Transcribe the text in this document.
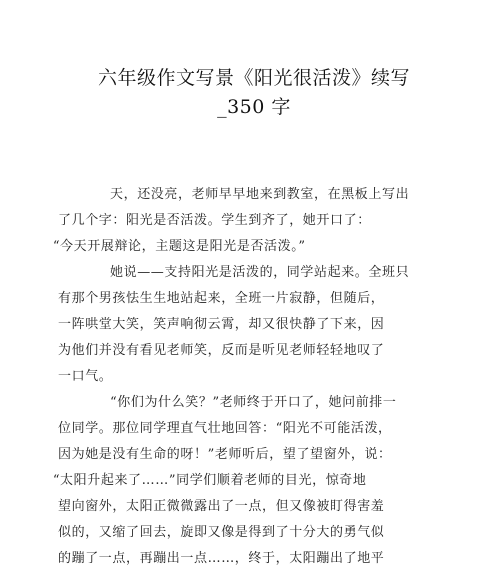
六年级作文写景《阳光很活泼》续写
_350 字

天，还没亮，老师早早地来到教室，在黑板上写出
了几个字：阳光是否活泼。学生到齐了，她开口了：
“今天开展辩论，主题这是阳光是否活泼。”

她说——支持阳光是活泼的，同学站起来。全班只
有那个男孩怯生生地站起来，全班一片寂静，但随后，
一阵哄堂大笑，笑声响彻云霄，却又很快静了下来，因
为他们并没有看见老师笑，反而是听见老师轻轻地叹了
一口气。

“你们为什么笑？”老师终于开口了，她问前排一
位同学。那位同学理直气壮地回答：“阳光不可能活泼，
因为她是没有生命的呀！”老师听后，望了望窗外，说：
“太阳升起来了……”同学们顺着老师的目光，惊奇地
望向窗外，太阳正微微露出了一点，但又像被盯得害羞
似的，又缩了回去，旋即又像是得到了十分大的勇气似
的蹦了一点，再蹦出一点……，终于，太阳蹦出了地平
